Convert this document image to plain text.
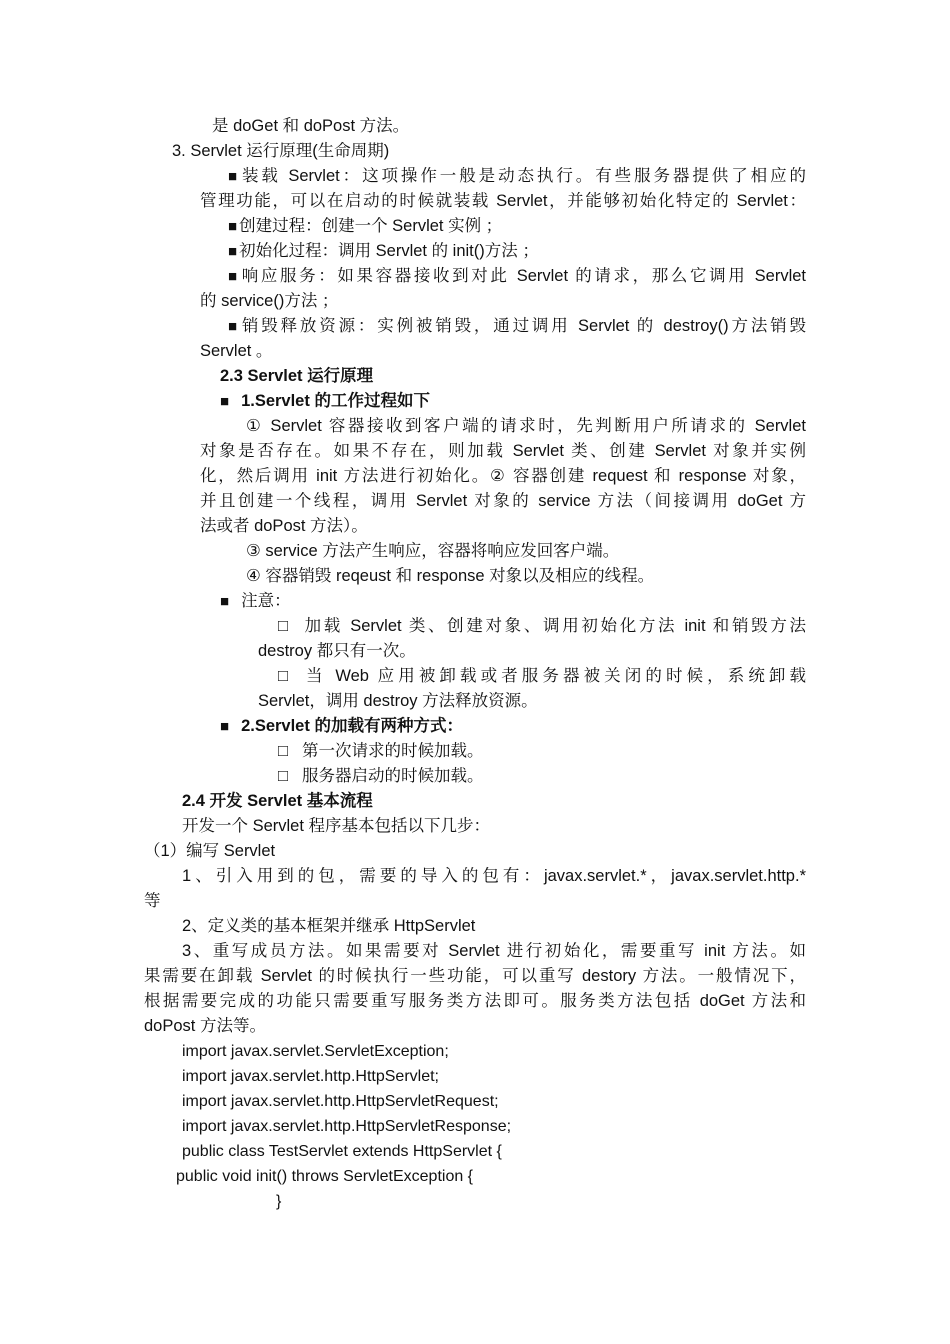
是 doGet 和 doPost 方法。
3. Servlet 运行原理(生命周期)
■ 装载 Servlet：这项操作一般是动态执行。有些服务器提供了相应的
管理功能，可以在启动的时候就装载 Servlet，并能够初始化特定的 Servlet：
■ 创建过程：创建一个 Servlet 实例 ；
■ 初始化过程：调用 Servlet 的 init()方法 ；
■ 响应服务：如果容器接收到对此 Servlet 的请求，那么它调用 Servlet
的 service()方法 ；
■ 销毁释放资源：实例被销毁，通过调用 Servlet 的 destroy()方法销毁
Servlet 。
2.3 Servlet 运行原理
■ 1.Servlet 的工作过程如下
① Servlet 容器接收到客户端的请求时，先判断用户所请求的 Servlet
对象是否存在。如果不存在，则加载 Servlet 类、创建 Servlet 对象并实例
化，然后调用 init 方法进行初始化。② 容器创建 request 和 response 对象，
并且创建一个线程，调用 Servlet 对象的 service 方法（间接调用 doGet 方
法或者 doPost 方法）。
③ service 方法产生响应，容器将响应发回客户端。
④ 容器销毁 reqeust 和 response 对象以及相应的线程。
■ 注意：
□ 加载 Servlet 类、创建对象、调用初始化方法 init 和销毁方法
destroy 都只有一次。
□ 当 Web 应用被卸载或者服务器被关闭的时候，系统卸载
Servlet，调用 destroy 方法释放资源。
■ 2.Servlet 的加载有两种方式：
□ 第一次请求的时候加载。
□ 服务器启动的时候加载。
2.4 开发 Servlet 基本流程
开发一个 Servlet 程序基本包括以下几步：
（1）编写 Servlet
1、引入用到的包，需要的导入的包有：javax.servlet.*，javax.servlet.http.*
等
2、定义类的基本框架并继承 HttpServlet
3、重写成员方法。如果需要对 Servlet 进行初始化，需要重写 init 方法。如
果需要在卸载 Servlet 的时候执行一些功能，可以重写 destory 方法。一般情况下，
根据需要完成的功能只需要重写服务类方法即可。服务类方法包括 doGet 方法和
doPost 方法等。
import javax.servlet.ServletException;
import javax.servlet.http.HttpServlet;
import javax.servlet.http.HttpServletRequest;
import javax.servlet.http.HttpServletResponse;
public class TestServlet extends HttpServlet {
public void init() throws ServletException {
}
